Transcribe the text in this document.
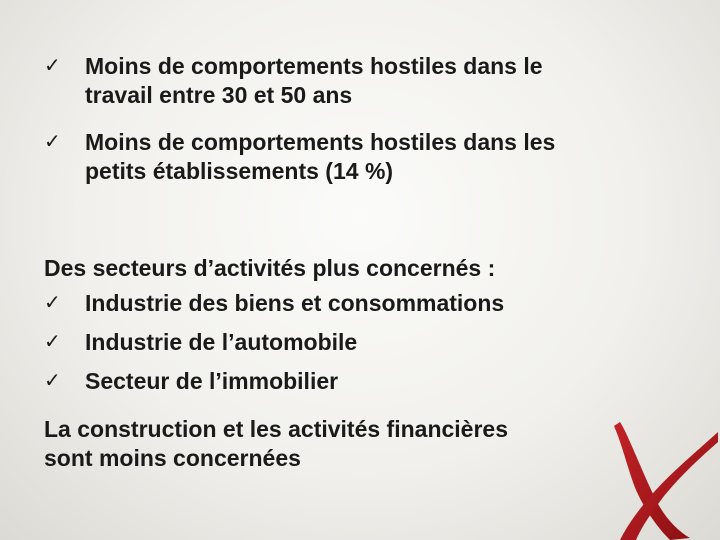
✓	Moins de comportements hostiles dans le
travail entre 30 et 50 ans
✓	Moins de comportements hostiles dans les
petits établissements (14 %)
Des secteurs d’activités plus concernés :
✓	Industrie des biens et consommations
✓	Industrie de l’automobile
✓	Secteur de l’immobilier
La construction et les activités financières
sont moins concernées
